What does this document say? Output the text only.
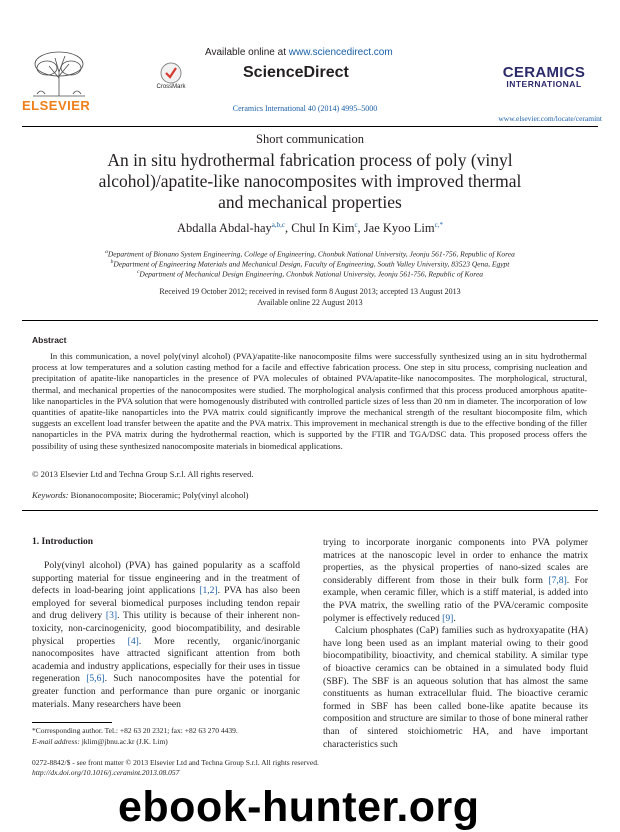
ELSEVIER
CrossMark
Available online at www.sciencedirect.com
ScienceDirect
Ceramics International 40 (2014) 4995–5000
CERAMICS
INTERNATIONAL
www.elsevier.com/locate/ceramint
Short communication
An in situ hydrothermal fabrication process of poly (vinyl alcohol)/apatite-like nanocomposites with improved thermal and mechanical properties
Abdalla Abdal-hay$^{a,b,c}$, Chul In Kim$^c$, Jae Kyoo Lim$^{c,*}$
$^a$Department of Bionano System Engineering, College of Engineering, Chonbuk National University, Jeonju 561-756, Republic of Korea
$^b$Department of Engineering Materials and Mechanical Design, Faculty of Engineering, South Valley University, 83523 Qena, Egypt
$^c$Department of Mechanical Design Engineering, Chonbuk National University, Jeonju 561-756, Republic of Korea
Received 19 October 2012; received in revised form 8 August 2013; accepted 13 August 2013
Available online 22 August 2013
Abstract
In this communication, a novel poly(vinyl alcohol) (PVA)/apatite-like nanocomposite films were successfully synthesized using an in situ hydrothermal process at low temperatures and a solution casting method for a facile and effective fabrication process. One step in situ process, comprising nucleation and precipitation of apatite-like nanoparticles in the presence of PVA molecules of obtained PVA/apatite-like nanocomposites. The morphological, structural, thermal, and mechanical properties of the nanocomposites were studied. The morphological analysis confirmed that this process produced amorphous apatite-like nanoparticles in the PVA solution that were homogenously distributed with controlled particle sizes of less than 20 nm in diameter. The incorporation of low quantities of apatite-like nanoparticles into the PVA matrix could significantly improve the mechanical strength of the resultant biocomposite film, which suggests an excellent load transfer between the apatite and the PVA matrix. This improvement in mechanical strength is due to the effective bonding of the filler nanoparticles in the PVA matrix during the hydrothermal reaction, which is supported by the FTIR and TGA/DSC data. This proposed process offers the possibility of using these synthesized nanocomposite materials in biomedical applications.
© 2013 Elsevier Ltd and Techna Group S.r.l. All rights reserved.
Keywords: Bionanocomposite; Bioceramic; Poly(vinyl alcohol)
1. Introduction

Poly(vinyl alcohol) (PVA) has gained popularity as a scaffold supporting material for tissue engineering and in the treatment of defects in load-bearing joint applications [1,2]. PVA has also been employed for several biomedical purposes including tendon repair and drug delivery [3]. This utility is because of their inherent non-toxicity, non-carcinogenicity, good biocompatibility, and desirable physical properties [4]. More recently, organic/inorganic nanocomposites have attracted significant attention from both academia and industry applications, especially for their uses in tissue regeneration [5,6]. Such nanocomposites have the potential for greater function and performance than pure organic or inorganic materials. Many researchers have been

trying to incorporate inorganic components into PVA polymer matrices at the nanoscopic level in order to enhance the matrix properties, as the physical properties of nano-sized scales are considerably different from those in their bulk form [7,8]. For example, when ceramic filler, which is a stiff material, is added into the PVA matrix, the swelling ratio of the PVA/ceramic composite polymer is effectively reduced [9].

Calcium phosphates (CaP) families such as hydroxyapatite (HA) have long been used as an implant material owing to their good biocompatibility, bioactivity, and chemical stability. A similar type of bioactive ceramics can be obtained in a simulated body fluid (SBF). The SBF is an aqueous solution that has almost the same constituents as human extracellular fluid. The bioactive ceramic formed in SBF has been called bone-like apatite because its composition and structure are similar to those of bone mineral rather than of sintered stoichiometric HA, and have important characteristics such

*Corresponding author. Tel.: +82 63 20 2321; fax: +82 63 270 4439.
E-mail address: jklim@jbnu.ac.kr (J.K. Lim)
0272-8842/$ - see front matter © 2013 Elsevier Ltd and Techna Group S.r.l. All rights reserved.
http://dx.doi.org/10.1016/j.ceramint.2013.08.057
ebook-hunter.org
